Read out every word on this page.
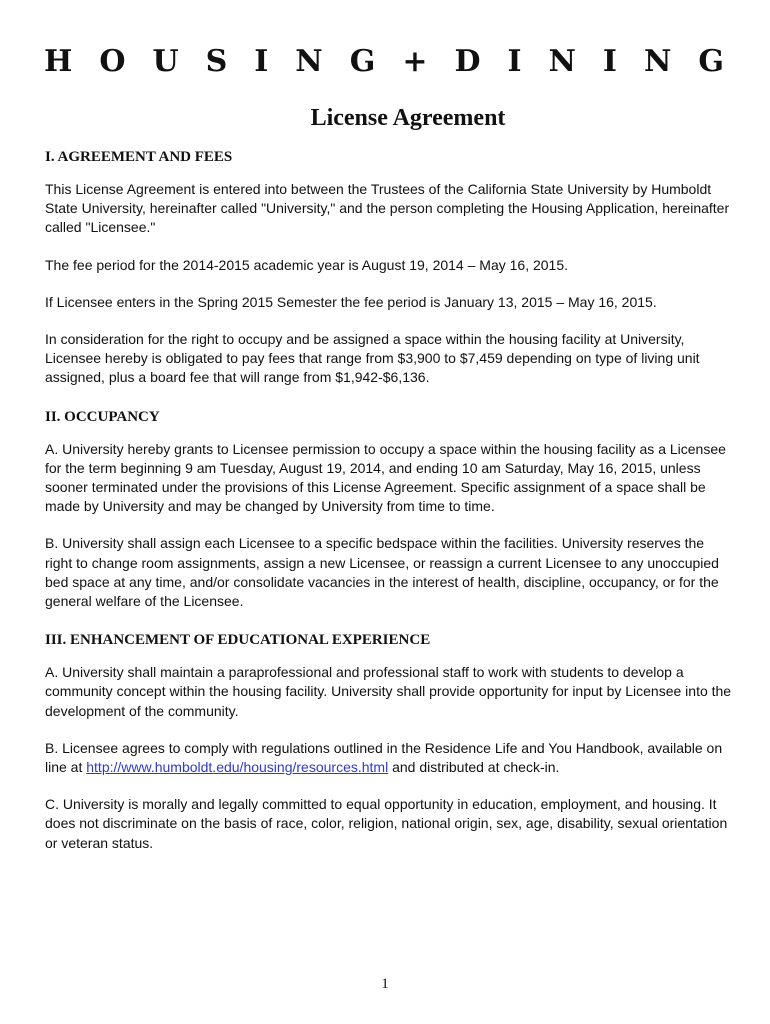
H O U S I N G + D I N I N G
License Agreement
I. AGREEMENT AND FEES

This License Agreement is entered into between the Trustees of the California State University by Humboldt State University, hereinafter called "University," and the person completing the Housing Application, hereinafter called "Licensee."

The fee period for the 2014-2015 academic year is August 19, 2014 – May 16, 2015.

If Licensee enters in the Spring 2015 Semester the fee period is January 13, 2015 – May 16, 2015.

In consideration for the right to occupy and be assigned a space within the housing facility at University, Licensee hereby is obligated to pay fees that range from $3,900 to $7,459 depending on type of living unit assigned, plus a board fee that will range from $1,942-$6,136.

II. OCCUPANCY

A. University hereby grants to Licensee permission to occupy a space within the housing facility as a Licensee for the term beginning 9 am Tuesday, August 19, 2014, and ending 10 am Saturday, May 16, 2015, unless sooner terminated under the provisions of this License Agreement. Specific assignment of a space shall be made by University and may be changed by University from time to time.

B. University shall assign each Licensee to a specific bedspace within the facilities. University reserves the right to change room assignments, assign a new Licensee, or reassign a current Licensee to any unoccupied bed space at any time, and/or consolidate vacancies in the interest of health, discipline, occupancy, or for the general welfare of the Licensee.

III. ENHANCEMENT OF EDUCATIONAL EXPERIENCE

A. University shall maintain a paraprofessional and professional staff to work with students to develop a community concept within the housing facility. University shall provide opportunity for input by Licensee into the development of the community.

B. Licensee agrees to comply with regulations outlined in the Residence Life and You Handbook, available on line at http://www.humboldt.edu/housing/resources.html and distributed at check-in.

C. University is morally and legally committed to equal opportunity in education, employment, and housing. It does not discriminate on the basis of race, color, religion, national origin, sex, age, disability, sexual orientation or veteran status.

1
